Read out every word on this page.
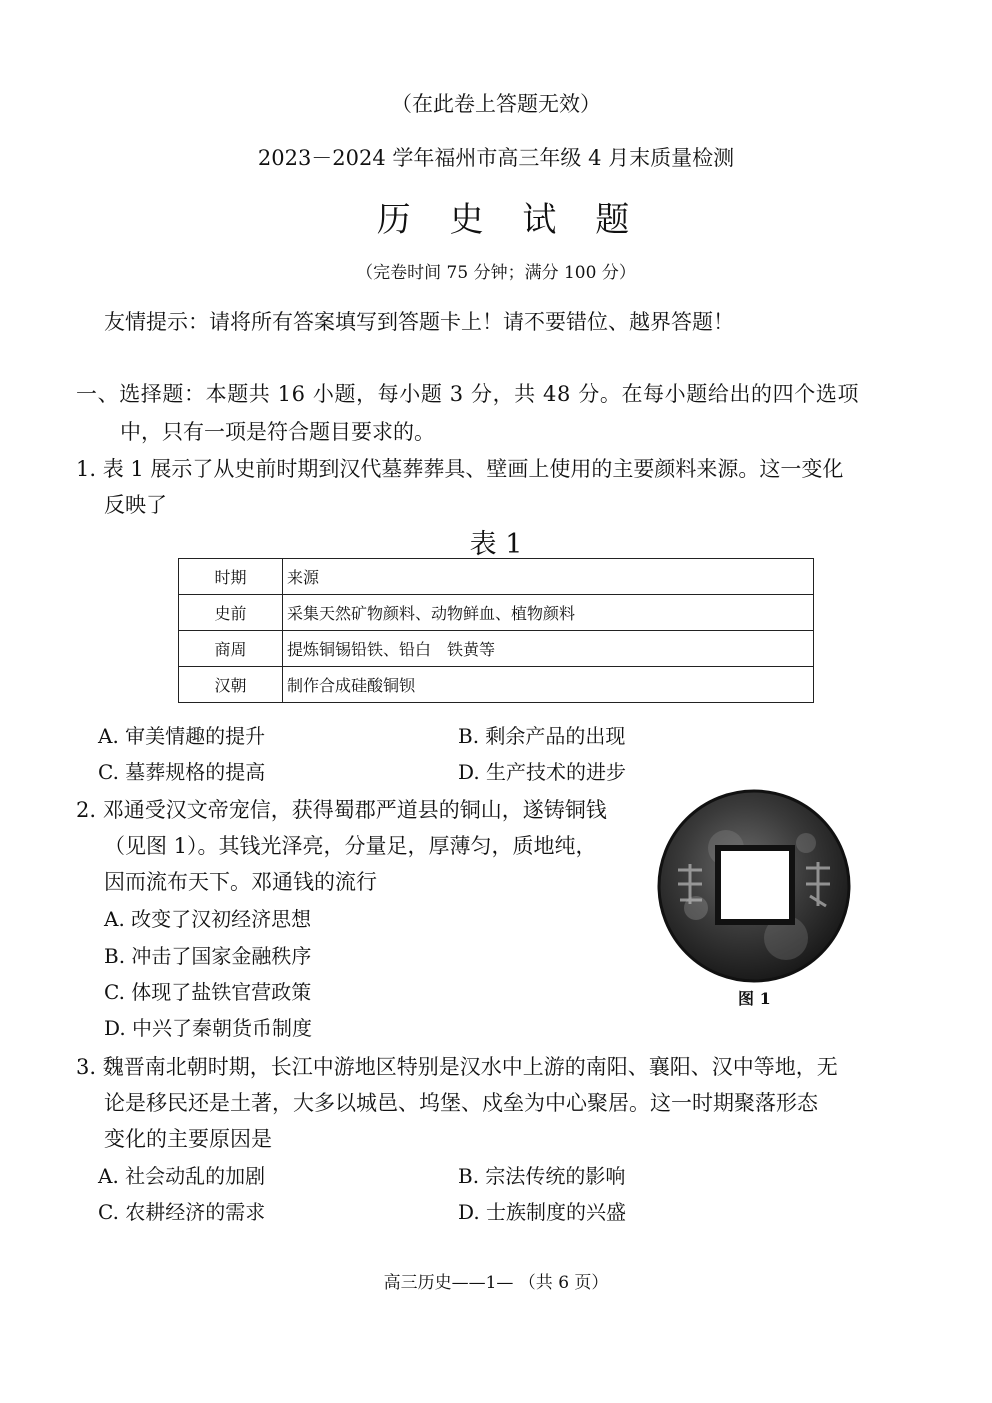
（在此卷上答题无效）
2023－2024 学年福州市高三年级 4 月末质量检测
历 史 试 题
（完卷时间 75 分钟；满分 100 分）
友情提示：请将所有答案填写到答题卡上！请不要错位、越界答题！
一、选择题：本题共 16 小题，每小题 3 分，共 48 分。在每小题给出的四个选项
中，只有一项是符合题目要求的。
1. 表 1 展示了从史前时期到汉代墓葬葬具、壁画上使用的主要颜料来源。这一变化
反映了
表 1
时期	来源
史前	采集天然矿物颜料、动物鲜血、植物颜料
商周	提炼铜锡铅铁、铅白　铁黄等
汉朝	制作合成硅酸铜钡
A. 审美情趣的提升	B. 剩余产品的出现
C. 墓葬规格的提高	D. 生产技术的进步
2. 邓通受汉文帝宠信，获得蜀郡严道县的铜山，遂铸铜钱
（见图 1）。其钱光泽亮，分量足，厚薄匀，质地纯，
因而流布天下。邓通钱的流行
A. 改变了汉初经济思想
B. 冲击了国家金融秩序
C. 体现了盐铁官营政策
D. 中兴了秦朝货币制度
图 1
3. 魏晋南北朝时期，长江中游地区特别是汉水中上游的南阳、襄阳、汉中等地，无
论是移民还是土著，大多以城邑、坞堡、戍垒为中心聚居。这一时期聚落形态
变化的主要原因是
A. 社会动乱的加剧	B. 宗法传统的影响
C. 农耕经济的需求	D. 士族制度的兴盛
高三历史——1— （共 6 页）
